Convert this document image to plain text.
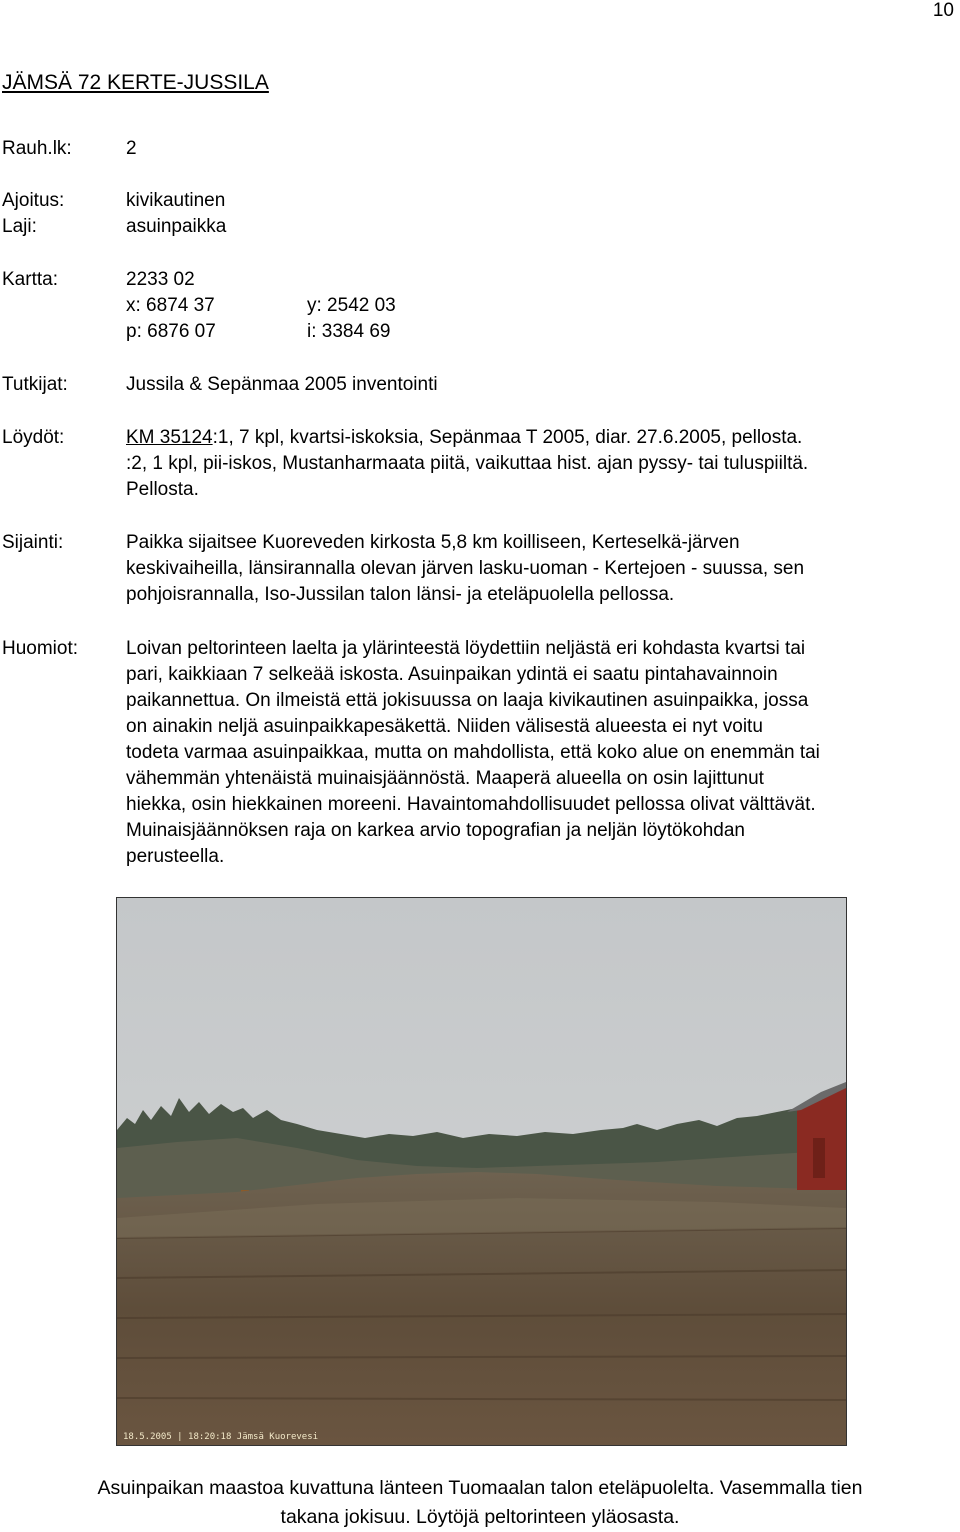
10
JÄMSÄ 72 KERTE-JUSSILA
Rauh.lk:	2
Ajoitus:	kivikautinen
Laji:	asuinpaikka
Kartta:	2233 02
x: 6874 37	y: 2542 03
p: 6876 07	i: 3384 69
Tutkijat:	Jussila & Sepänmaa 2005 inventointi
Löydöt:	KM 35124:1, 7 kpl, kvartsi-iskoksia, Sepänmaa T 2005, diar. 27.6.2005, pellosta.
:2, 1 kpl, pii-iskos, Mustanharmaata piitä, vaikuttaa hist. ajan pyssy- tai tuluspiiltä.
Pellosta.
Sijainti:	Paikka sijaitsee Kuoreveden kirkosta 5,8 km koilliseen, Kerteselkä-järven
keskivaiheilla, länsirannalla olevan järven lasku-uoman - Kertejoen - suussa, sen
pohjoisrannalla, Iso-Jussilan talon länsi- ja eteläpuolella pellossa.
Huomiot:	Loivan peltorinteen laelta ja ylärinteestä löydettiin neljästä eri kohdasta kvartsi tai
pari, kaikkiaan 7 selkeää iskosta. Asuinpaikan ydintä ei saatu pintahavainnoin
paikannettua. On ilmeistä että jokisuussa on laaja kivikautinen asuinpaikka, jossa
on ainakin neljä asuinpaikkapesäkettä. Niiden välisestä alueesta ei nyt voitu
todeta varmaa asuinpaikkaa, mutta on mahdollista, että koko alue on enemmän tai
vähemmän yhtenäistä muinaisjäännöstä. Maaperä alueella on osin lajittunut
hiekka, osin hiekkainen moreeni. Havaintomahdollisuudet pellossa olivat välttävät.
Muinaisjäännöksen raja on karkea arvio topografian ja neljän löytökohdan
perusteella.
18.5.2005 | 18:20:18 Jämsä Kuorevesi
Asuinpaikan maastoa kuvattuna länteen Tuomaalan talon eteläpuolelta. Vasemmalla tien
takana jokisuu. Löytöjä peltorinteen yläosasta.
